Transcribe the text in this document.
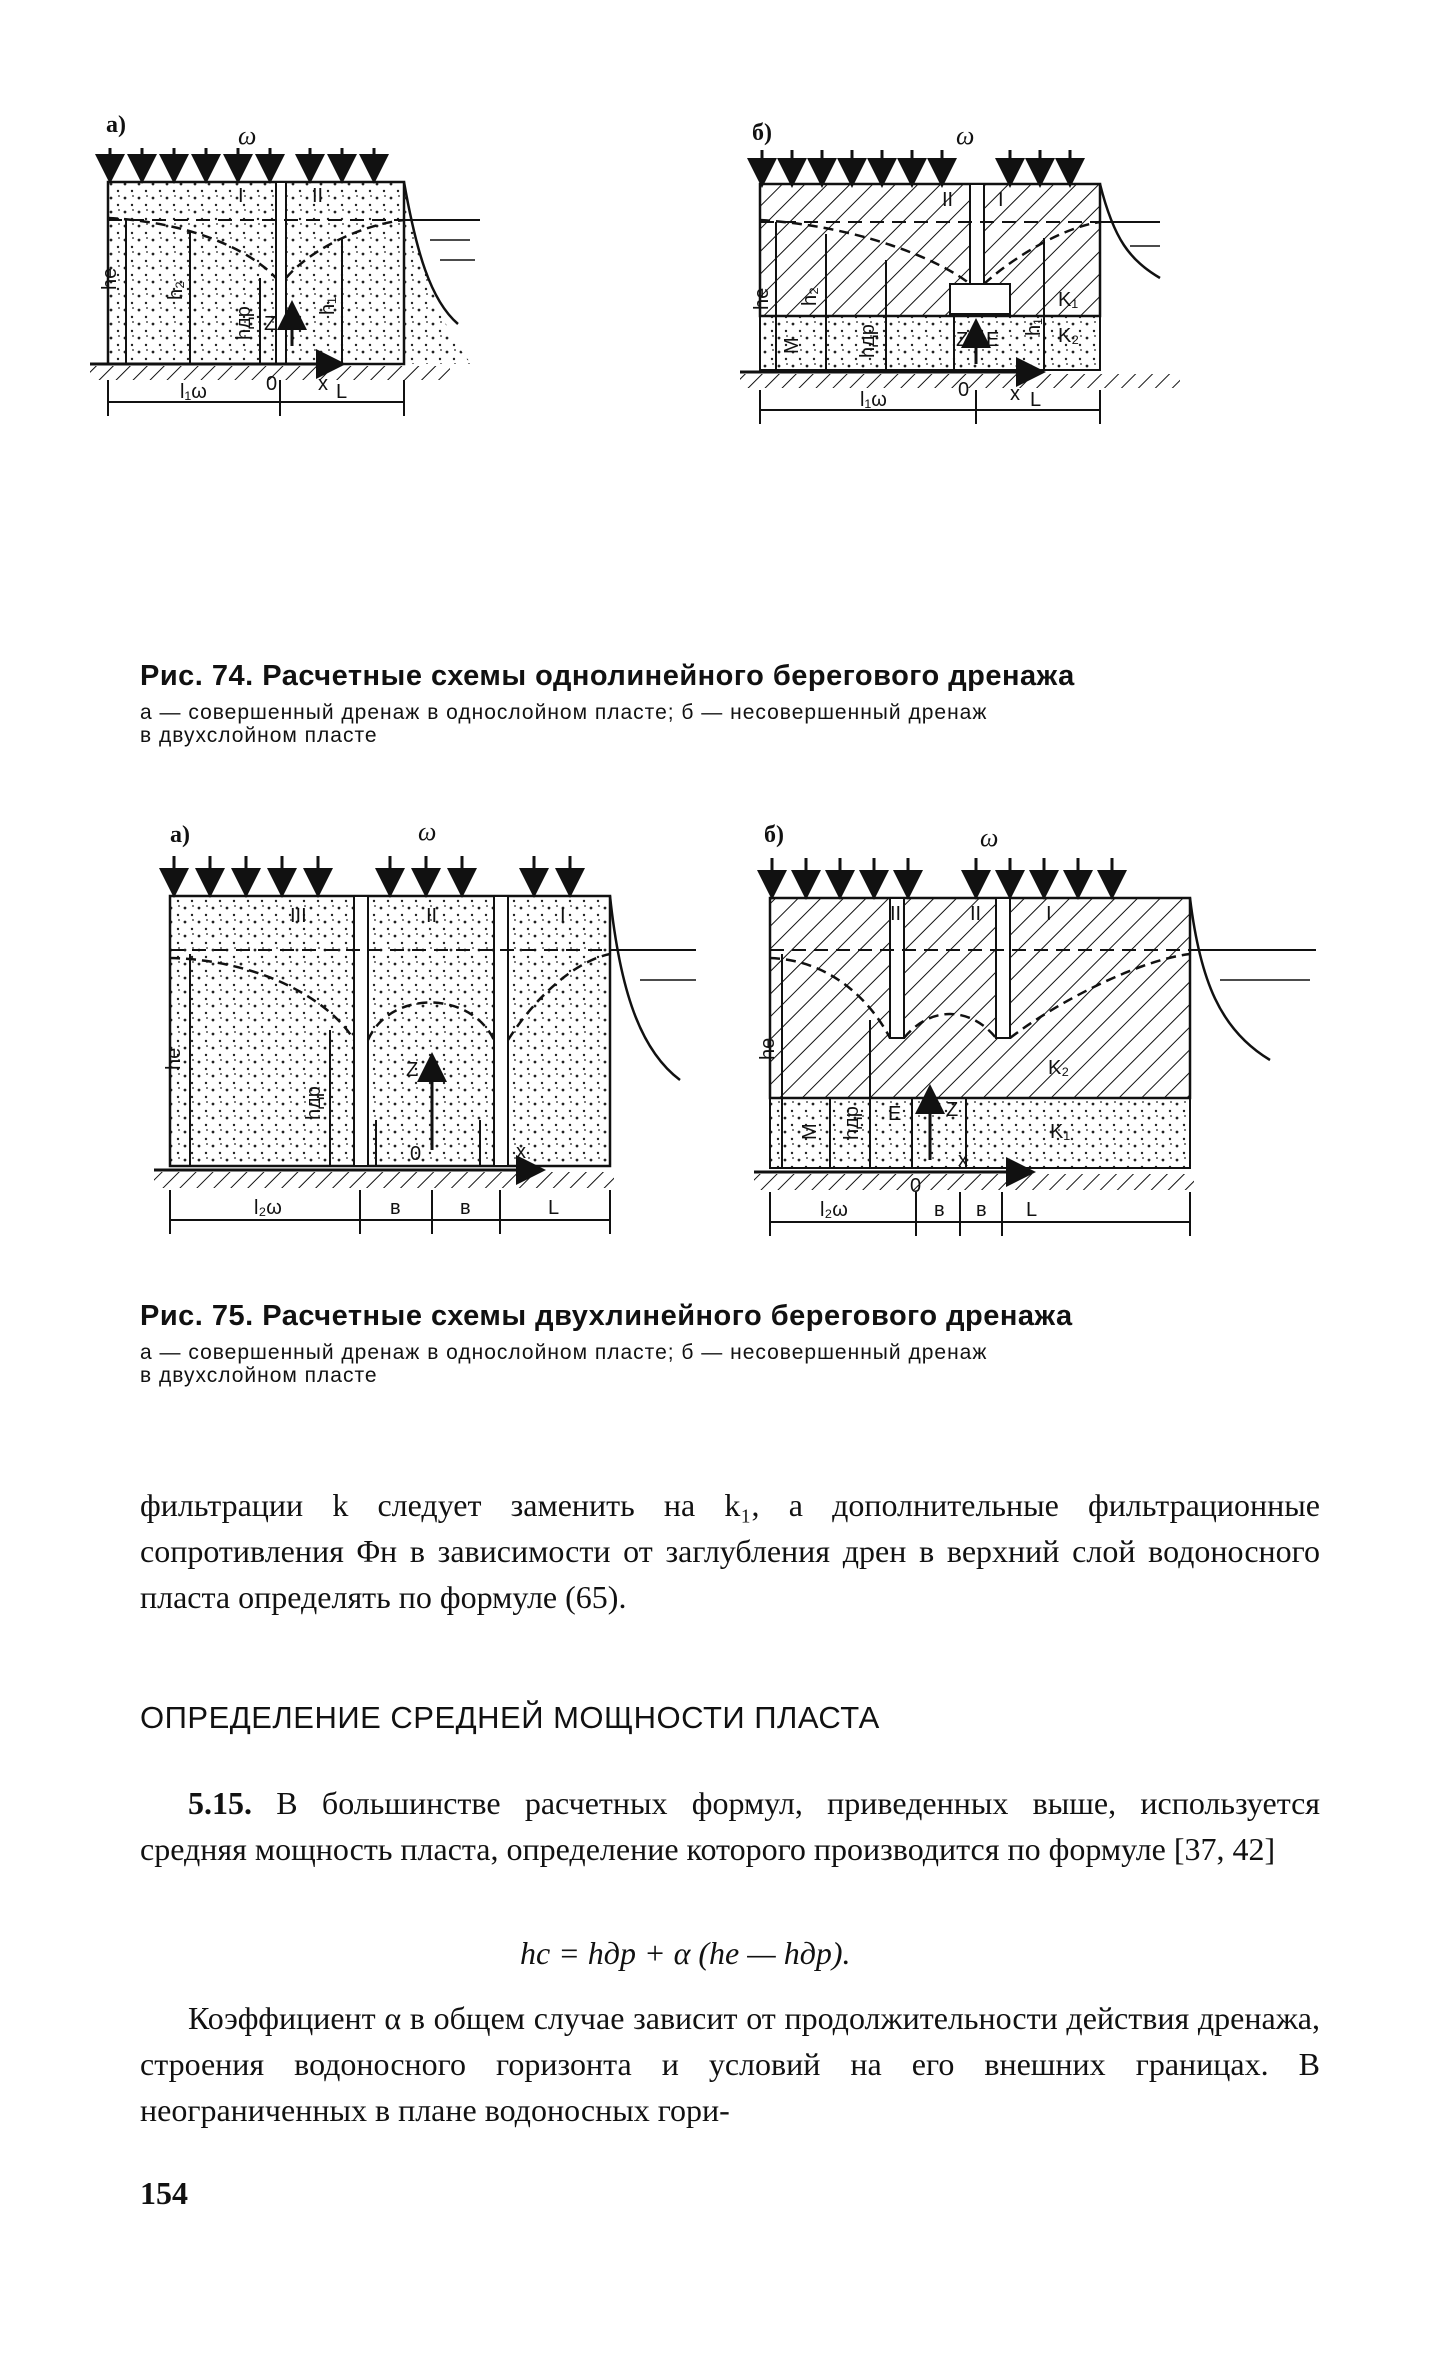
а)	ω
I	II
hе
h₂
hдр Z
h₁
0 x
l₁ω	L
б)	ω
II I
hе h₂
M	hдр	Z E
h₁
K₁
K₂
0 x
l₁ω	L
Рис. 74. Расчетные схемы однолинейного берегового дренажа
а — совершенный дренаж в однослойном пласте; б — несовершенный дренаж
в двухслойном пласте
а)	ω
III	II	I
hе
hдр
Z
0	x
l₂ω	в	в	L
б)	ω
III	II	I
hе
M hдр E Z
K₂
K₁
x
l₂ω	в в L
Рис. 75. Расчетные схемы двухлинейного берегового дренажа
а — совершенный дренаж в однослойном пласте; б — несовершенный дренаж
в двухслойном пласте
фильтрации k следует заменить на k₁, а дополнительные фильтрационные сопротивления Φн в зависимости от заглубления дрен в верхний слой водоносного пласта определять по формуле (65).
ОПРЕДЕЛЕНИЕ СРЕДНЕЙ МОЩНОСТИ ПЛАСТА
5.15. В большинстве расчетных формул, приведенных выше, используется средняя мощность пласта, определение которого производится по формуле [37, 42]
hс = hдр + α (hе — hдр).
Коэффициент α в общем случае зависит от продолжительности действия дренажа, строения водоносного горизонта и условий на его внешних границах. В неограниченных в плане водоносных гори-
154
